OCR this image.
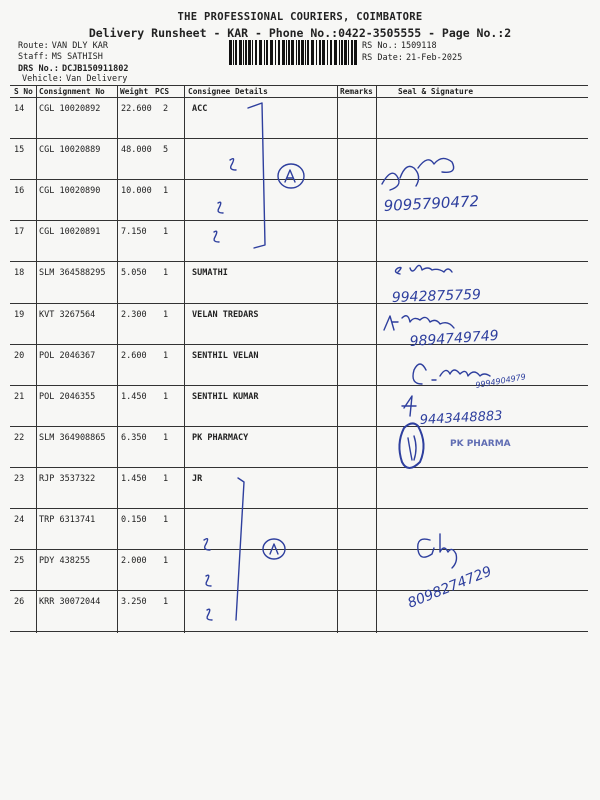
THE PROFESSIONAL COURIERS, COIMBATORE
Delivery Runsheet - KAR - Phone No.:0422-3505555 - Page No.:2
Route: VAN DLY KAR
Staff: MS SATHISH
DRS No.: DCJB150911802
Vehicle: Van Delivery
RS No.: 1509118
RS Date: 21-Feb-2025
S No Consignment No Weight PCS Consignee Details	Remarks	Seal & Signature
14 CGL 10020892 22.600 2	ACC
15 CGL 10020889 48.000 5
16 CGL 10020890 10.000 1
17 CGL 10020891 7.150 1
18 SLM 364588295 5.050 1	SUMATHI
19 KVT 3267564	2.300 1	VELAN TREDARS
20 POL 2046367	2.600 1	SENTHIL VELAN
21 POL 2046355	1.450 1	SENTHIL KUMAR
22 SLM 364908865 6.350 1	PK PHARMACY
23 RJP 3537322	1.450 1	JR
24 TRP 6313741	0.150 1
25 PDY 438255	2.000 1
26 KRR 30072044 3.250 1
9095790472
9942875759
9894749749
9994904979
9443448883
8098274729
PK PHARMA
